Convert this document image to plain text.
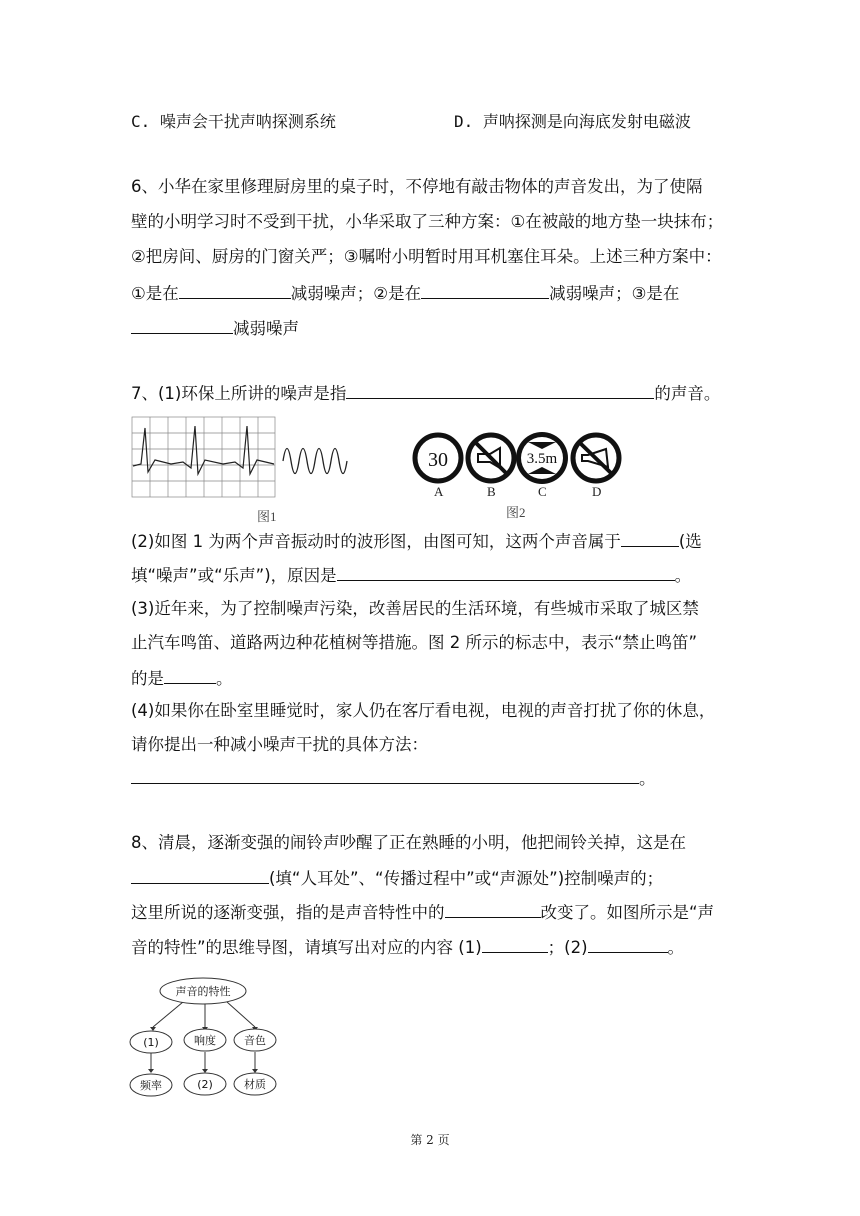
C. 噪声会干扰声呐探测系统	D. 声呐探测是向海底发射电磁波
6、小华在家里修理厨房里的桌子时，不停地有敲击物体的声音发出，为了使隔
壁的小明学习时不受到干扰，小华采取了三种方案：①在被敲的地方垫一块抹布；
②把房间、厨房的门窗关严；③嘱咐小明暂时用耳机塞住耳朵。上述三种方案中：
①是在	减弱噪声；②是在	减弱噪声；③是在
减弱噪声
7、(1)环保上所讲的噪声是指	的声音。
图1
30	3.5m
A	B	C	D
图2
(2)如图 1 为两个声音振动时的波形图，由图可知，这两个声音属于	(选
填“噪声”或“乐声”)，原因是	。
(3)近年来，为了控制噪声污染，改善居民的生活环境，有些城市采取了城区禁
止汽车鸣笛、道路两边种花植树等措施。图 2 所示的标志中，表示“禁止鸣笛”
的是	。
(4)如果你在卧室里睡觉时，家人仍在客厅看电视，电视的声音打扰了你的休息，
请你提出一种减小噪声干扰的具体方法：
。
8、清晨，逐渐变强的闹铃声吵醒了正在熟睡的小明，他把闹铃关掉，这是在
(填“人耳处”、“传播过程中”或“声源处”)控制噪声的；
这里所说的逐渐变强，指的是声音特性中的	改变了。如图所示是“声
音的特性”的思维导图，请填写出对应的内容 (1)	；(2)	。
声音的特性
(1)	响度	音色
频率	(2)	材质
第 2 页
